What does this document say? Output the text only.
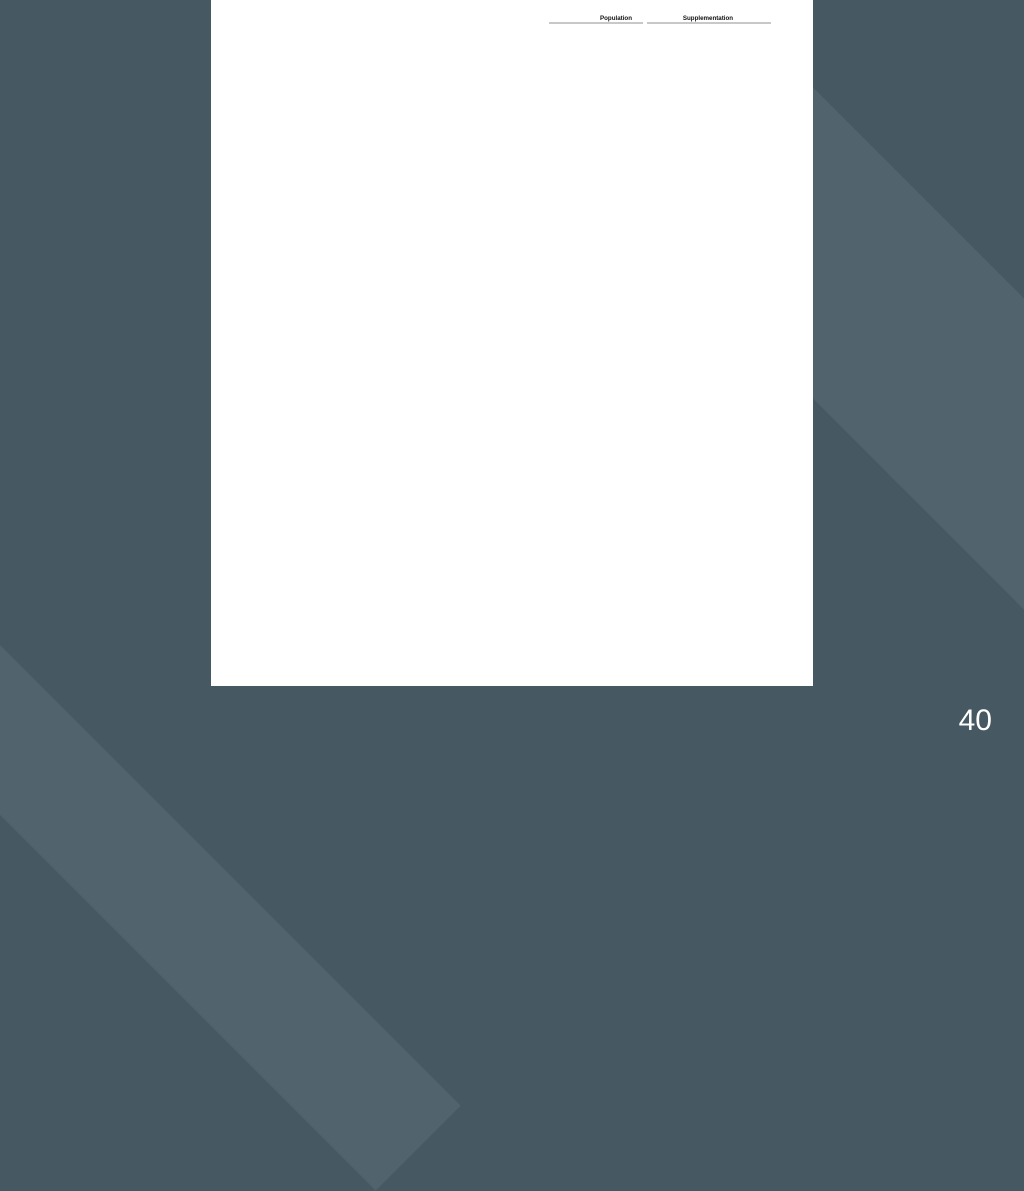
Population	Supplementation
40
